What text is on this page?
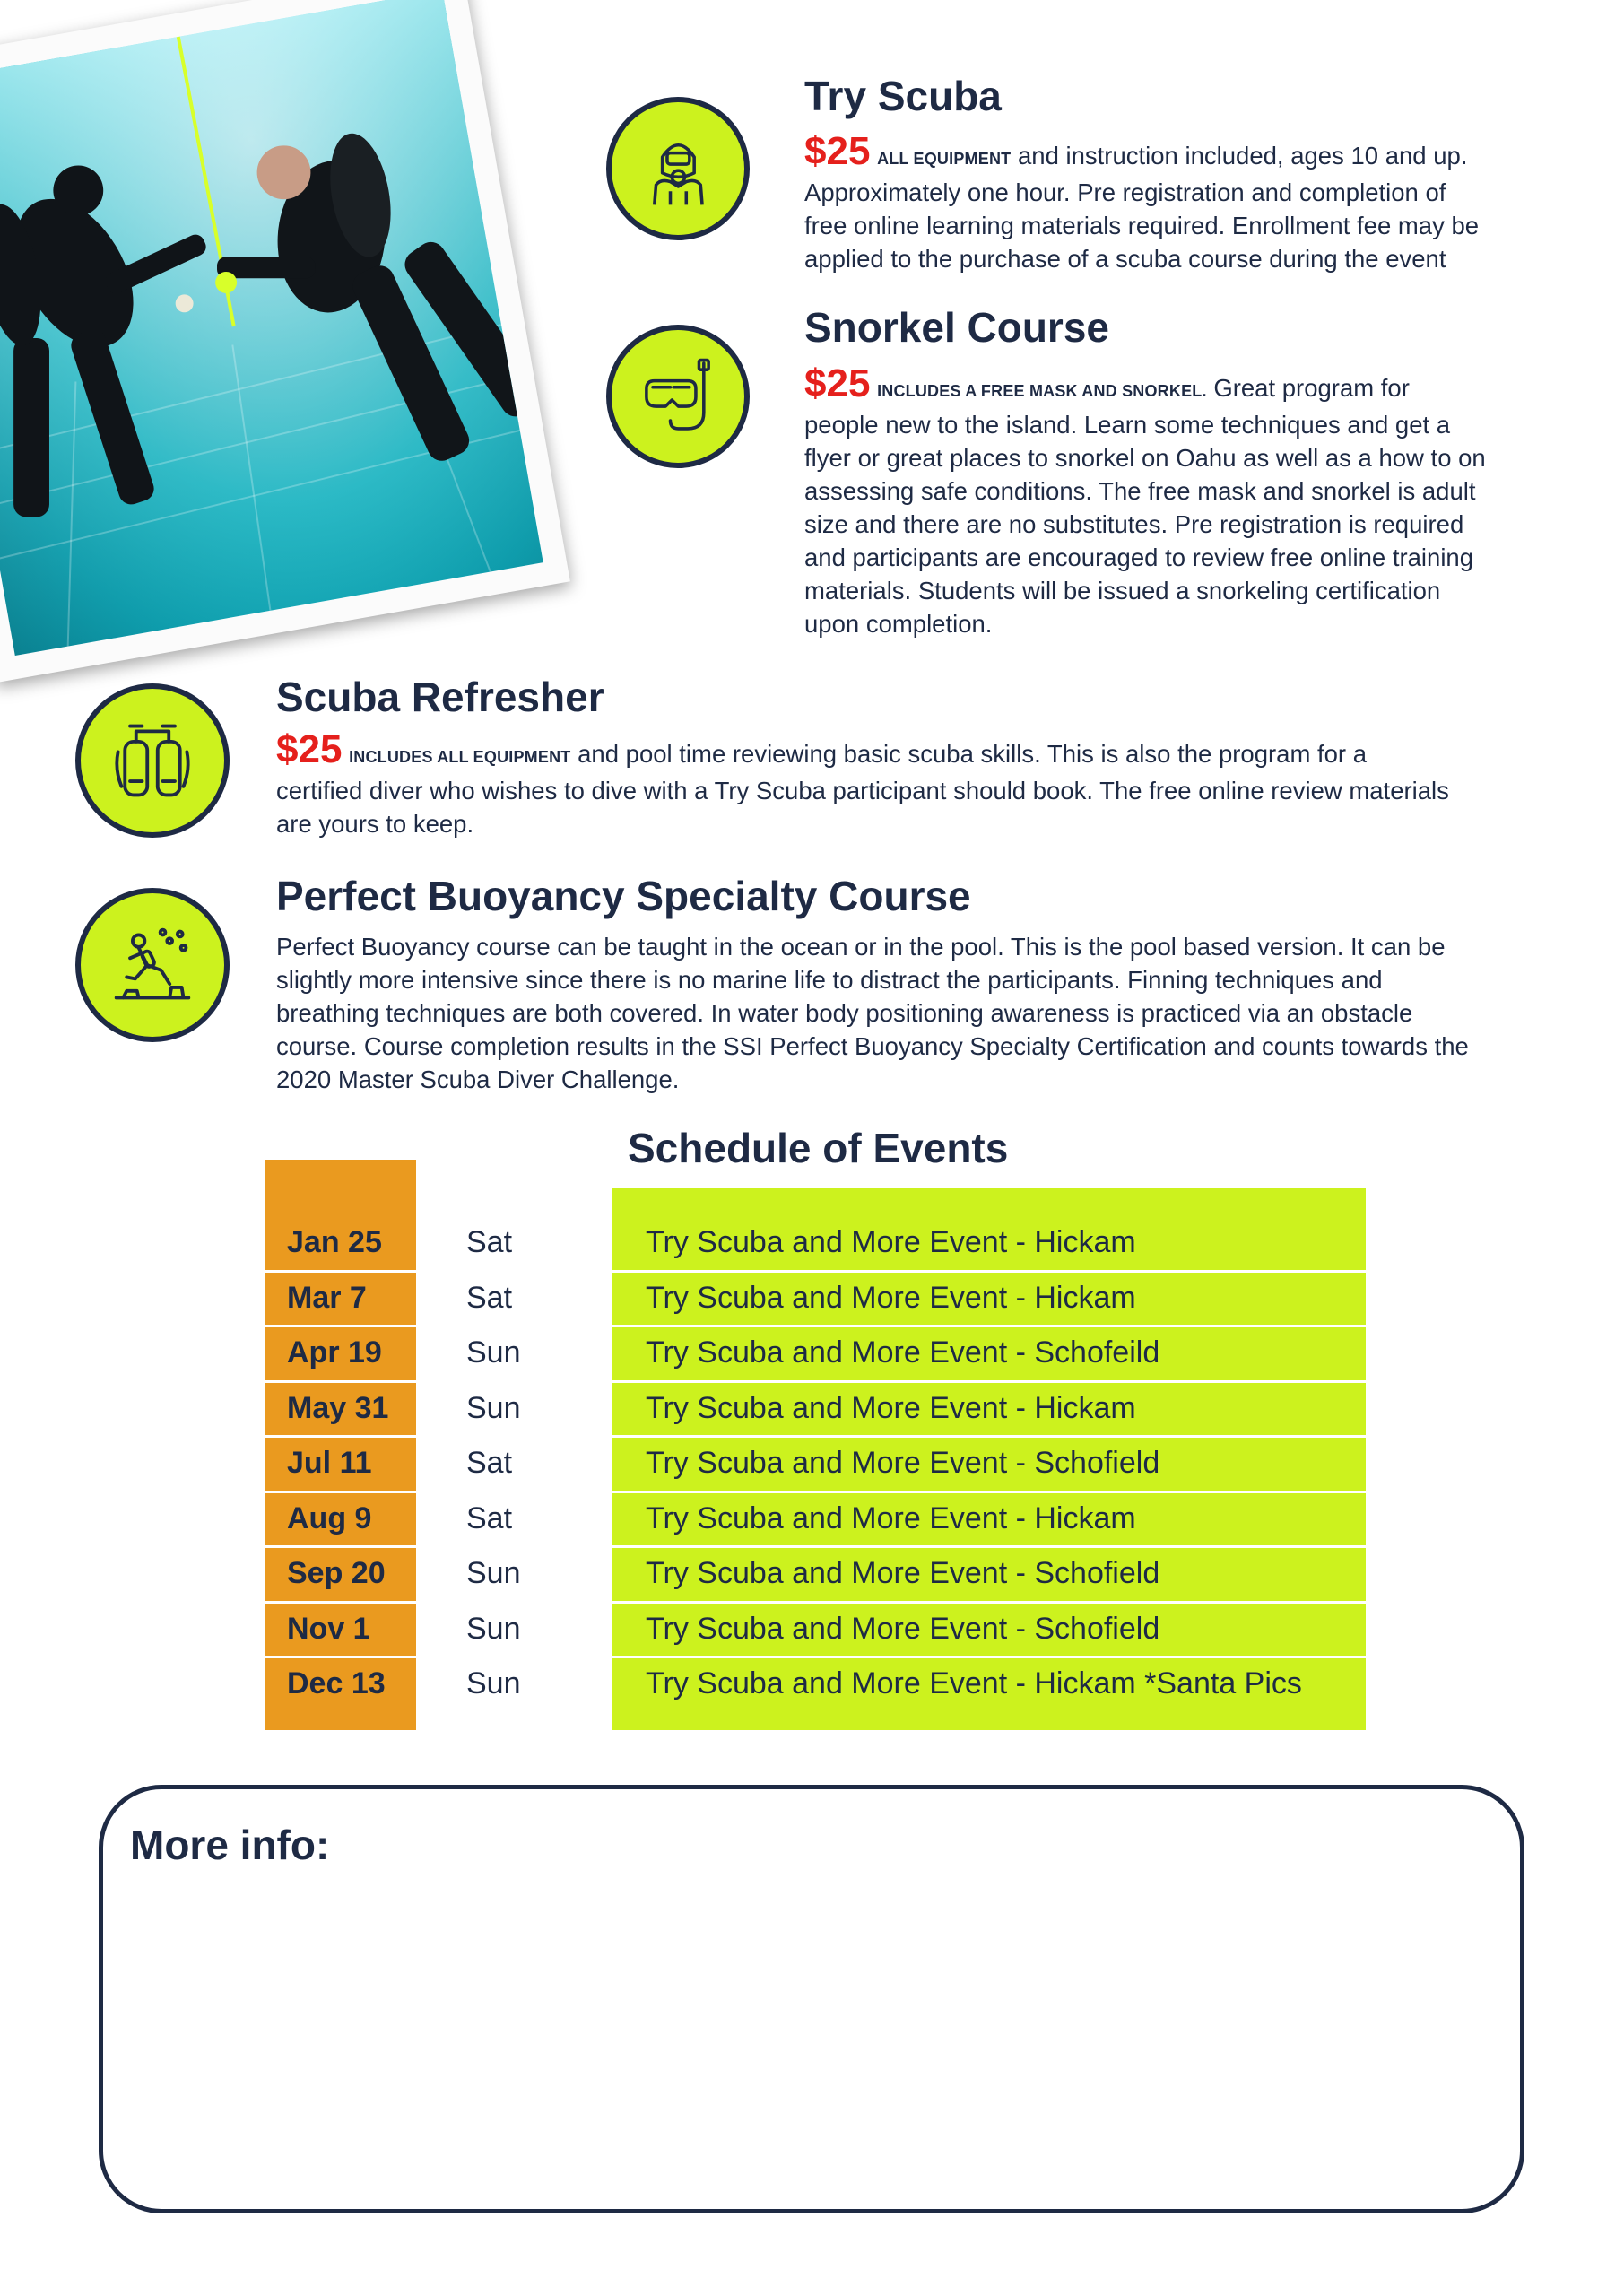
Try Scuba
$25 ALL EQUIPMENT and instruction included, ages 10 and up.
Approximately one hour. Pre registration and completion of
free online learning materials required. Enrollment fee may be
applied to the purchase of a scuba course during the event
Snorkel Course
$25 INCLUDES A FREE MASK AND SNORKEL. Great program for
people new to the island. Learn some techniques and get a
flyer or great places to snorkel on Oahu as well as a how to on
assessing safe conditions. The free mask and snorkel is adult
size and there are no substitutes. Pre registration is required
and participants are encouraged to review free online training
materials. Students will be issued a snorkeling certification
upon completion.
Scuba Refresher
$25 INCLUDES ALL EQUIPMENT and pool time reviewing basic scuba skills. This is also the program for a
certified diver who wishes to dive with a Try Scuba participant should book. The free online review materials
are yours to keep.
Perfect Buoyancy Specialty Course
Perfect Buoyancy course can be taught in the ocean or in the pool. This is the pool based version. It can be
slightly more intensive since there is no marine life to distract the participants. Finning techniques and
breathing techniques are both covered. In water body positioning awareness is practiced via an obstacle
course. Course completion results in the SSI Perfect Buoyancy Specialty Certification and counts towards the
2020 Master Scuba Diver Challenge.
Schedule of Events
Jan 25	Sat	Try Scuba and More Event - Hickam
Mar 7	Sat	Try Scuba and More Event - Hickam
Apr 19	Sun	Try Scuba and More Event - Schofeild
May 31	Sun	Try Scuba and More Event - Hickam
Jul 11	Sat	Try Scuba and More Event - Schofield
Aug 9	Sat	Try Scuba and More Event - Hickam
Sep 20	Sun	Try Scuba and More Event - Schofield
Nov 1	Sun	Try Scuba and More Event - Schofield
Dec 13	Sun	Try Scuba and More Event - Hickam *Santa Pics
More info:
